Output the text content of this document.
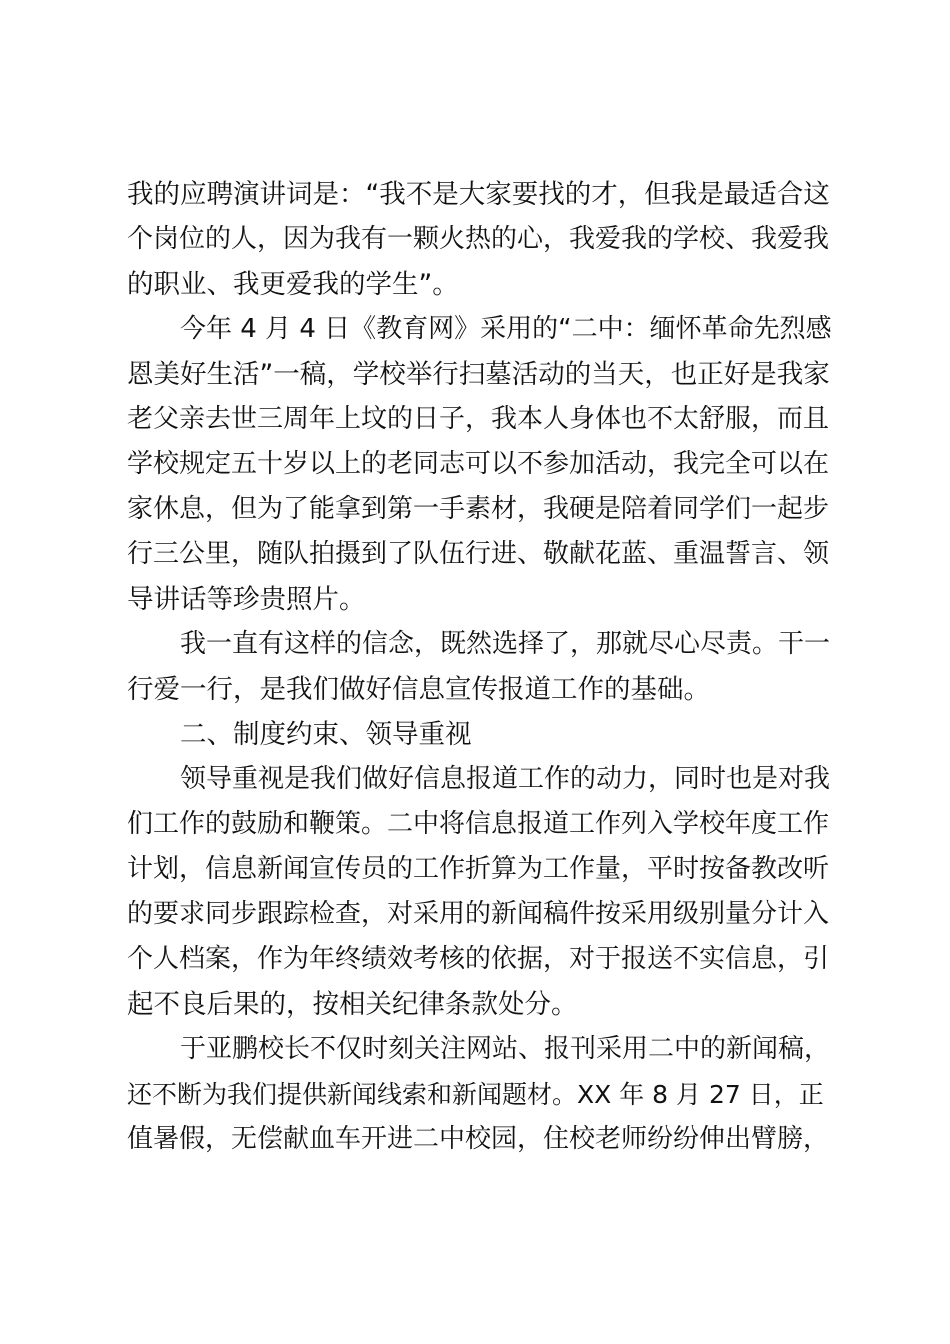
我的应聘演讲词是：“我不是大家要找的才，但我是最适合这
个岗位的人，因为我有一颗火热的心，我爱我的学校、我爱我
的职业、我更爱我的学生”。
今年 4 月 4 日《教育网》采用的“二中：缅怀革命先烈感
恩美好生活”一稿，学校举行扫墓活动的当天，也正好是我家
老父亲去世三周年上坟的日子，我本人身体也不太舒服，而且
学校规定五十岁以上的老同志可以不参加活动，我完全可以在
家休息，但为了能拿到第一手素材，我硬是陪着同学们一起步
行三公里，随队拍摄到了队伍行进、敬献花蓝、重温誓言、领
导讲话等珍贵照片。
我一直有这样的信念，既然选择了，那就尽心尽责。干一
行爱一行，是我们做好信息宣传报道工作的基础。
二、制度约束、领导重视
领导重视是我们做好信息报道工作的动力，同时也是对我
们工作的鼓励和鞭策。二中将信息报道工作列入学校年度工作
计划，信息新闻宣传员的工作折算为工作量，平时按备教改听
的要求同步跟踪检查，对采用的新闻稿件按采用级别量分计入
个人档案，作为年终绩效考核的依据，对于报送不实信息，引
起不良后果的，按相关纪律条款处分。
于亚鹏校长不仅时刻关注网站、报刊采用二中的新闻稿，
还不断为我们提供新闻线索和新闻题材。XX 年 8 月 27 日，正
值暑假，无偿献血车开进二中校园，住校老师纷纷伸出臂膀，
